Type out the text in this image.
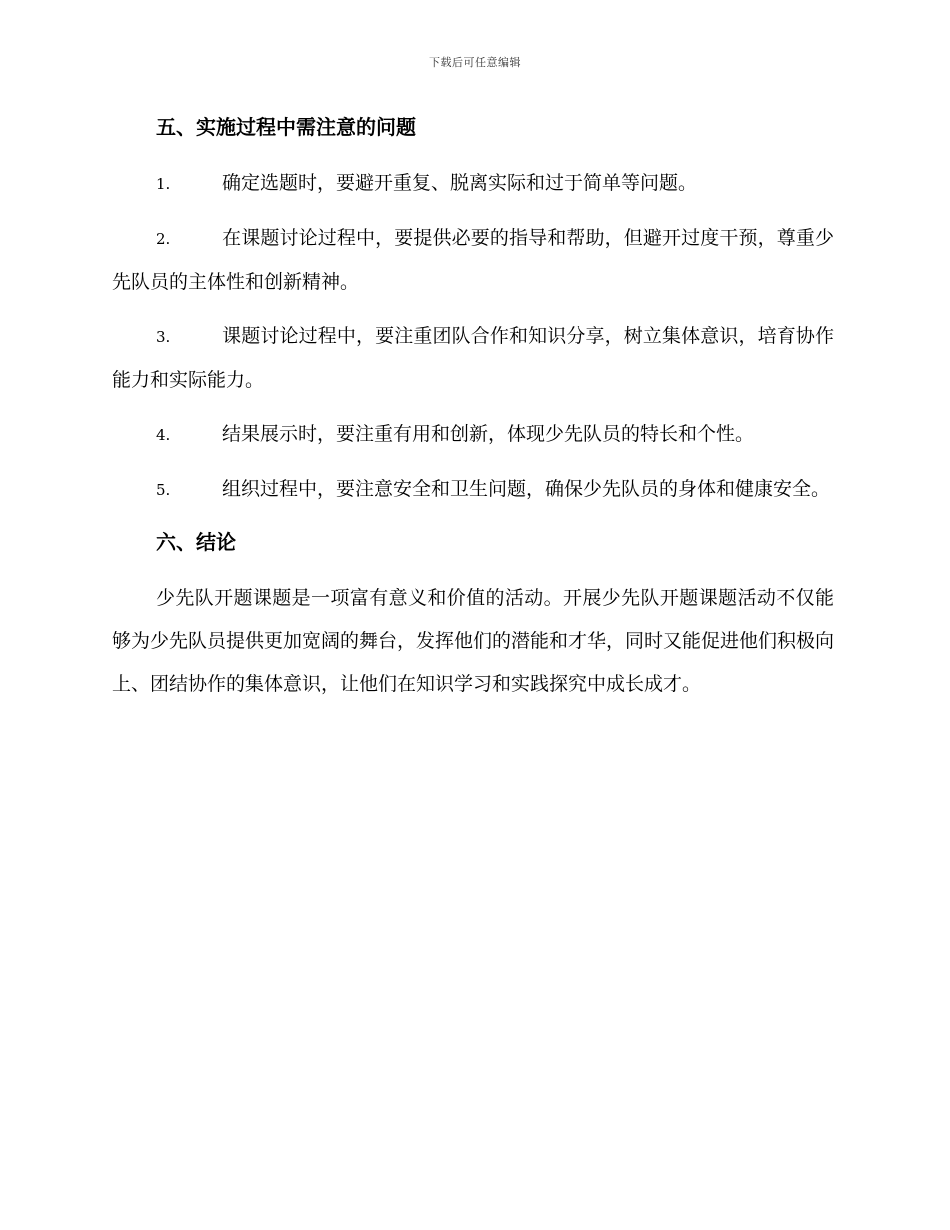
下载后可任意编辑
五、实施过程中需注意的问题

1.	确定选题时，要避开重复、脱离实际和过于简单等问题。

2.	在课题讨论过程中，要提供必要的指导和帮助，但避开过度干预，尊重少先队员的主体性和创新精神。

3.	课题讨论过程中，要注重团队合作和知识分享，树立集体意识，培育协作能力和实际能力。

4.	结果展示时，要注重有用和创新，体现少先队员的特长和个性。

5.	组织过程中，要注意安全和卫生问题，确保少先队员的身体和健康安全。

六、结论

少先队开题课题是一项富有意义和价值的活动。开展少先队开题课题活动不仅能够为少先队员提供更加宽阔的舞台，发挥他们的潜能和才华，同时又能促进他们积极向上、团结协作的集体意识，让他们在知识学习和实践探究中成长成才。
